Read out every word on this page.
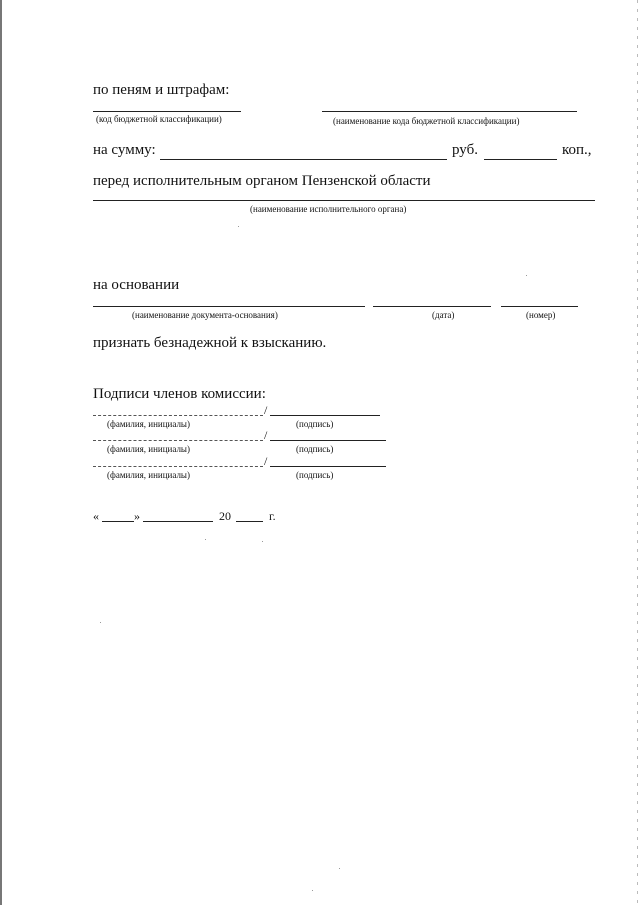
по пеням и штрафам:
(код бюджетной классификации)	(наименование кода бюджетной классификации)
на сумму:	руб.	коп.,
перед исполнительным органом Пензенской области
(наименование исполнительного органа)
на основании
(наименование документа-основания)	(дата)	(номер)
признать безнадежной к взысканию.
Подписи членов комиссии:
/
(фамилия, инициалы)	(подпись)
/
(фамилия, инициалы)	(подпись)
/
(фамилия, инициалы)	(подпись)
«	»	20	г.
